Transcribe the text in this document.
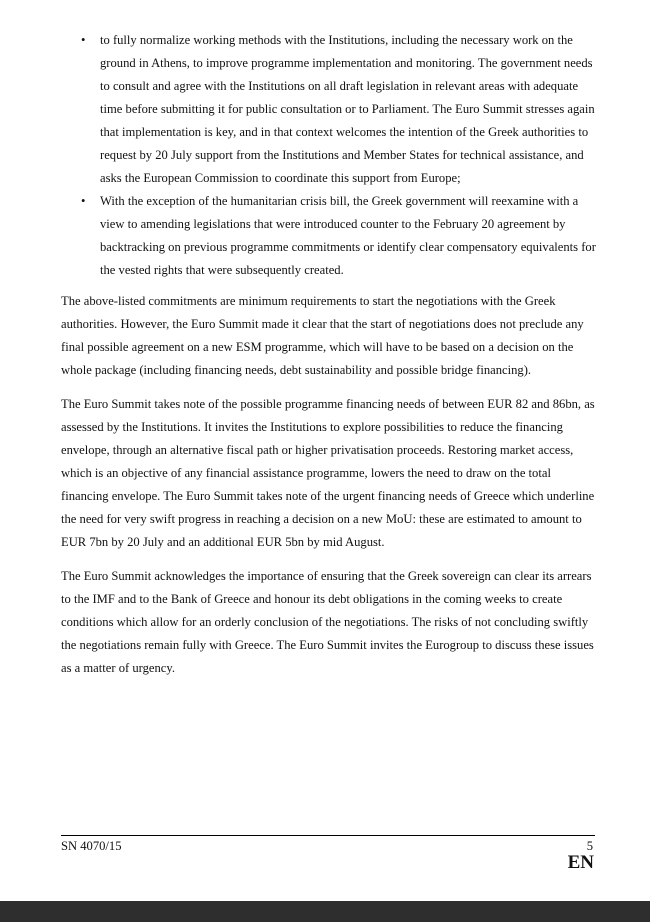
• to fully normalize working methods with the Institutions, including the necessary work on the ground in Athens, to improve programme implementation and monitoring. The government needs to consult and agree with the Institutions on all draft legislation in relevant areas with adequate time before submitting it for public consultation or to Parliament. The Euro Summit stresses again that implementation is key, and in that context welcomes the intention of the Greek authorities to request by 20 July support from the Institutions and Member States for technical assistance, and asks the European Commission to coordinate this support from Europe;
• With the exception of the humanitarian crisis bill, the Greek government will reexamine with a view to amending legislations that were introduced counter to the February 20 agreement by backtracking on previous programme commitments or identify clear compensatory equivalents for the vested rights that were subsequently created.

The above-listed commitments are minimum requirements to start the negotiations with the Greek authorities. However, the Euro Summit made it clear that the start of negotiations does not preclude any final possible agreement on a new ESM programme, which will have to be based on a decision on the whole package (including financing needs, debt sustainability and possible bridge financing).

The Euro Summit takes note of the possible programme financing needs of between EUR 82 and 86bn, as assessed by the Institutions. It invites the Institutions to explore possibilities to reduce the financing envelope, through an alternative fiscal path or higher privatisation proceeds. Restoring market access, which is an objective of any financial assistance programme, lowers the need to draw on the total financing envelope. The Euro Summit takes note of the urgent financing needs of Greece which underline the need for very swift progress in reaching a decision on a new MoU: these are estimated to amount to EUR 7bn by 20 July and an additional EUR 5bn by mid August.

The Euro Summit acknowledges the importance of ensuring that the Greek sovereign can clear its arrears to the IMF and to the Bank of Greece and honour its debt obligations in the coming weeks to create conditions which allow for an orderly conclusion of the negotiations. The risks of not concluding swiftly the negotiations remain fully with Greece. The Euro Summit invites the Eurogroup to discuss these issues as a matter of urgency.

SN 4070/15	5
EN
